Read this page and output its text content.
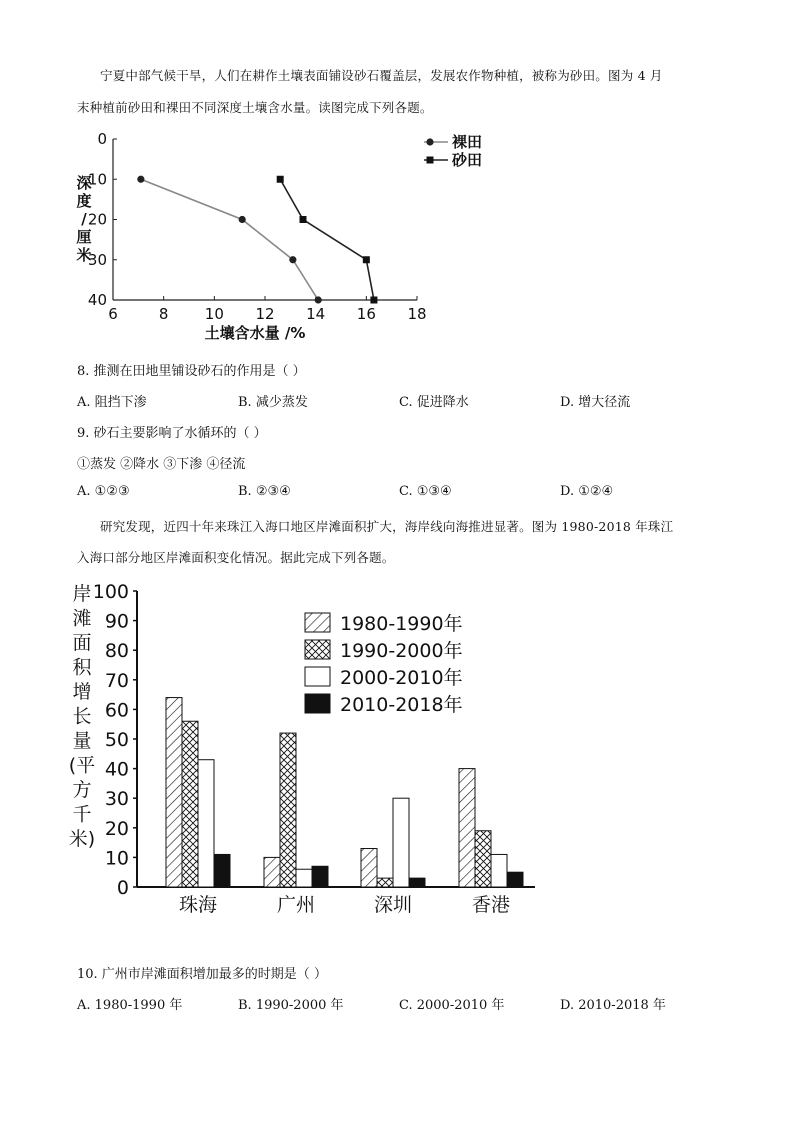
宁夏中部气候干旱，人们在耕作土壤表面铺设砂石覆盖层，发展农作物种植，被称为砂田。图为 4 月
末种植前砂田和裸田不同深度土壤含水量。读图完成下列各题。
0
10
20
30
40
6	8 10 12 14 16 18
裸田
砂田
土壤含水量 /%
深
度
/
厘
米
8. 推测在田地里铺设砂石的作用是（ ）
A. 阻挡下渗	B. 减少蒸发	C. 促进降水	D. 增大径流
9. 砂石主要影响了水循环的（ ）
①蒸发 ②降水 ③下渗 ④径流
A. ①②③	B. ②③④	C. ①③④	D. ①②④
研究发现，近四十年来珠江入海口地区岸滩面积扩大，海岸线向海推进显著。图为 1980-2018 年珠江
入海口部分地区岸滩面积变化情况。据此完成下列各题。
0
10
20
30
40
50
60
70
80
90
100
珠海	广州	深圳	香港
1980-1990年
1990-2000年
2000-2010年
2010-2018年
岸
滩
面
积
增
长
量
(平
方
千
米)
10. 广州市岸滩面积增加最多的时期是（ ）
A. 1980-1990 年	B. 1990-2000 年	C. 2000-2010 年	D. 2010-2018 年
